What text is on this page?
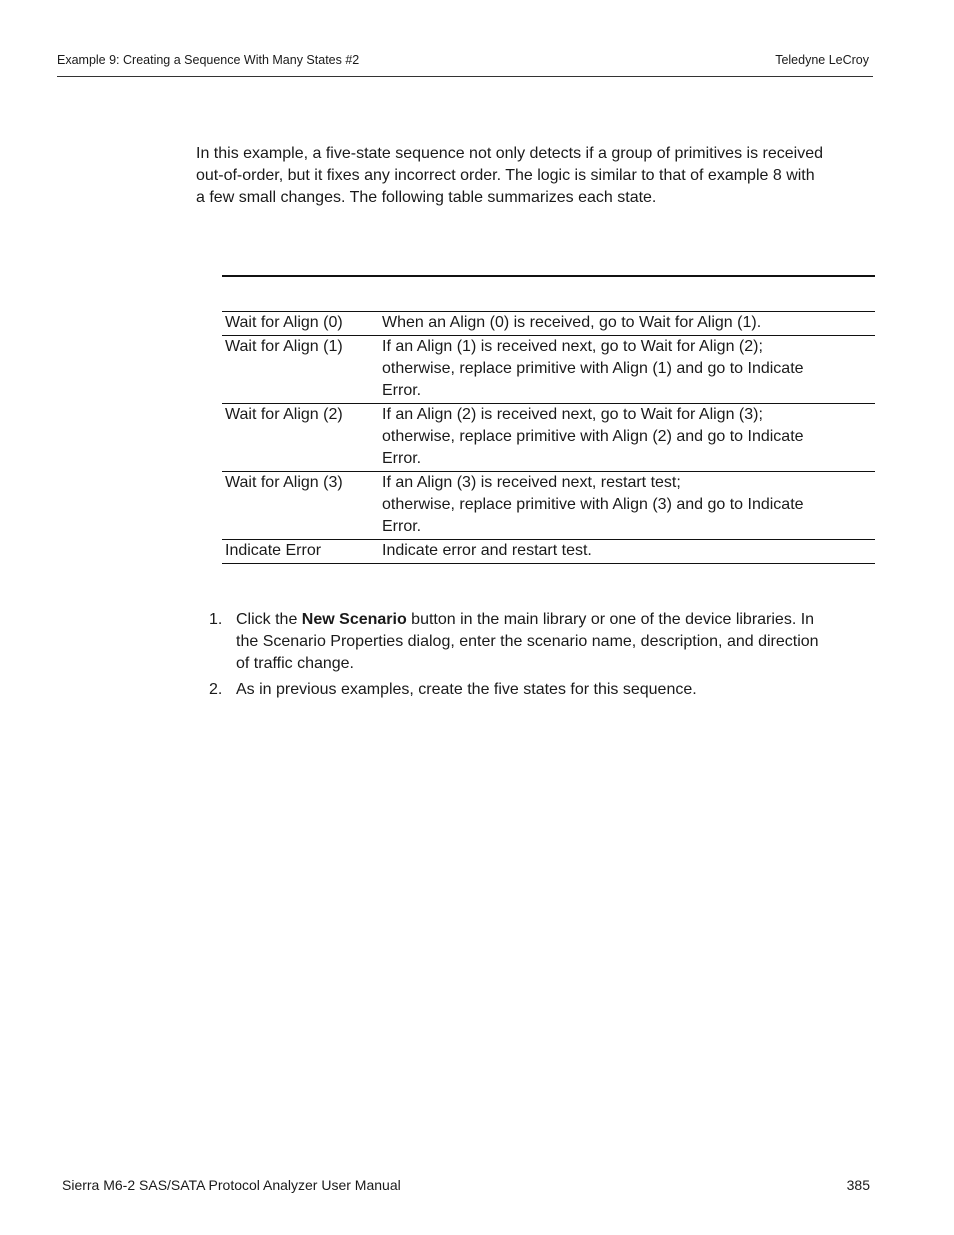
Example 9: Creating a Sequence With Many States #2	Teledyne LeCroy

In this example, a five-state sequence not only detects if a group of primitives is received
out-of-order, but it fixes any incorrect order. The logic is similar to that of example 8 with
a few small changes. The following table summarizes each state.

Wait for Align (0)	When an Align (0) is received, go to Wait for Align (1).

Wait for Align (1)	If an Align (1) is received next, go to Wait for Align (2);
otherwise, replace primitive with Align (1) and go to Indicate
Error.

Wait for Align (2)	If an Align (2) is received next, go to Wait for Align (3);
otherwise, replace primitive with Align (2) and go to Indicate
Error.

Wait for Align (3)	If an Align (3) is received next, restart test;
otherwise, replace primitive with Align (3) and go to Indicate
Error.

Indicate Error	Indicate error and restart test.
1. Click the New Scenario button in the main library or one of the device libraries. In
the Scenario Properties dialog, enter the scenario name, description, and direction
of traffic change.
2. As in previous examples, create the five states for this sequence.
Sierra M6-2 SAS/SATA Protocol Analyzer User Manual	385
